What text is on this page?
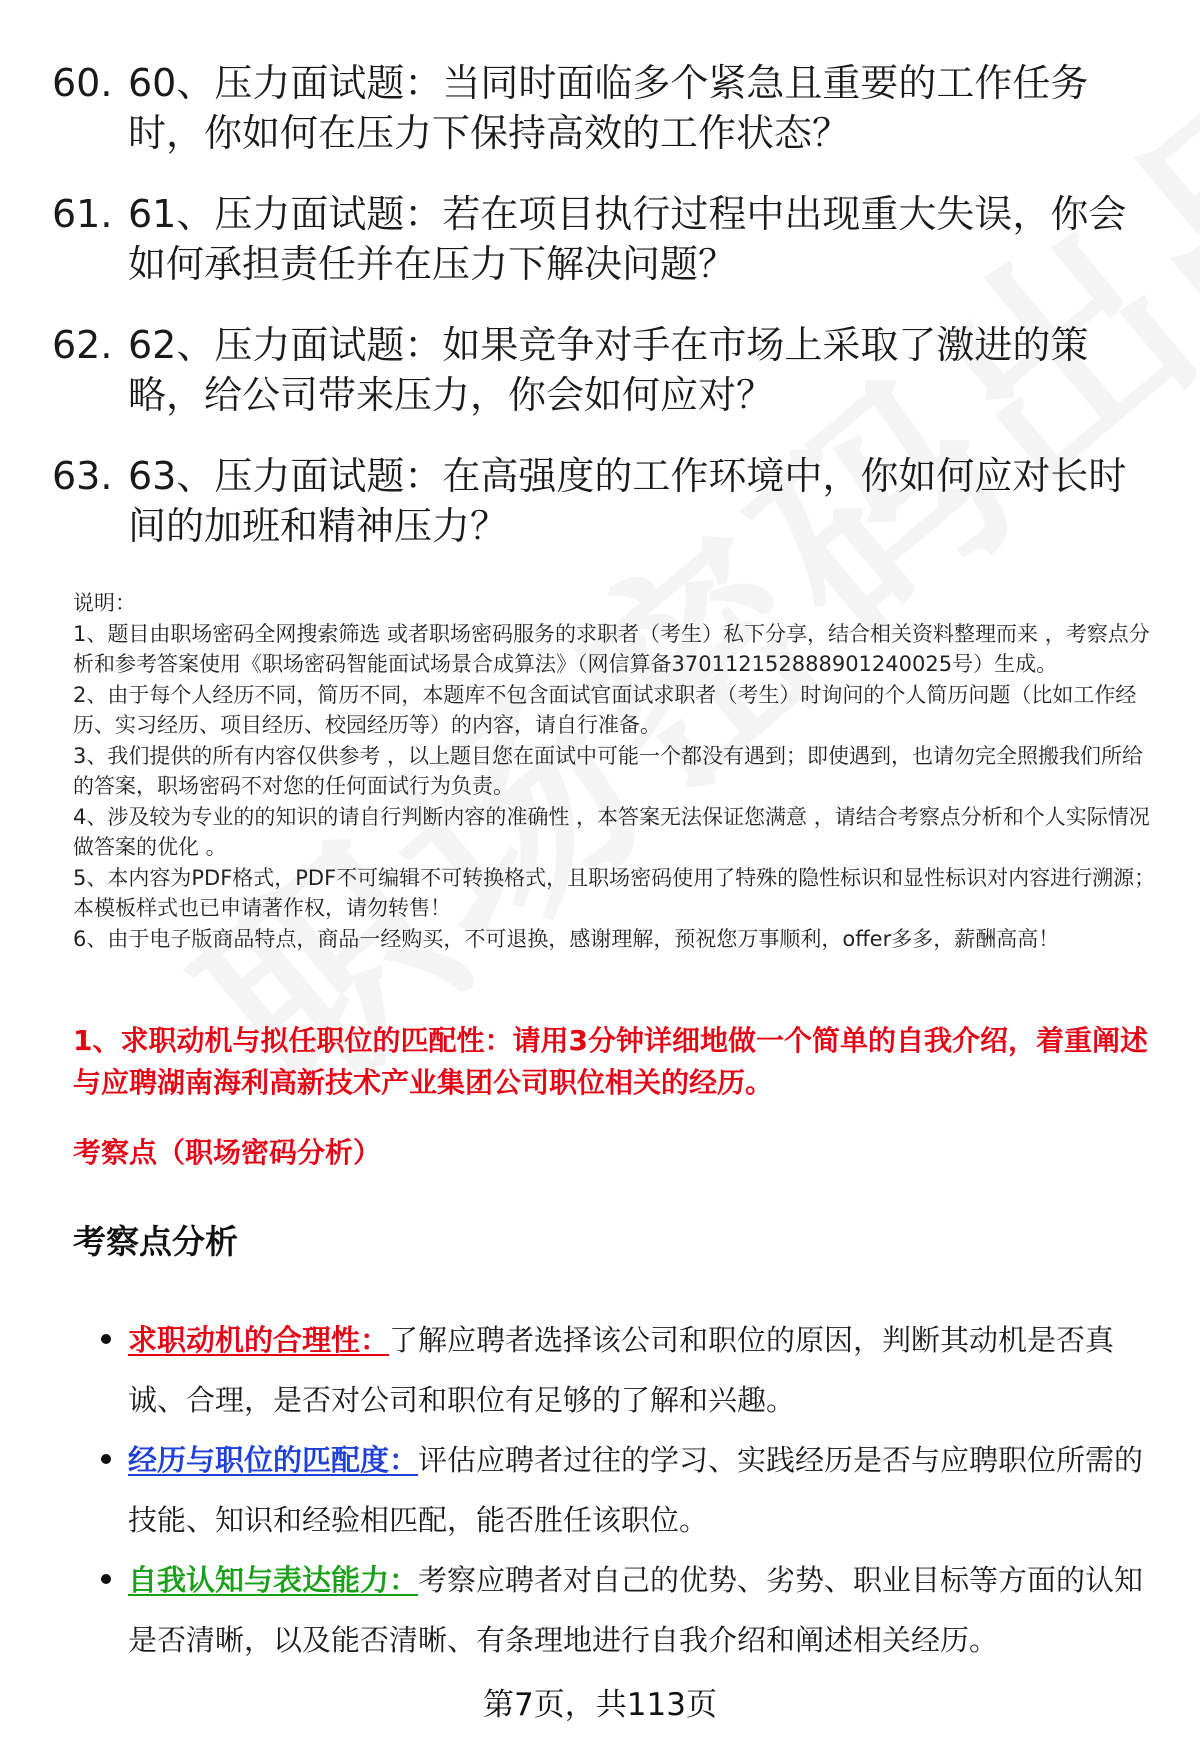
60. 60、压力面试题：当同时面临多个紧急且重要的工作任务时，你如何在压力下保持高效的工作状态？
61. 61、压力面试题：若在项目执行过程中出现重大失误，你会如何承担责任并在压力下解决问题？
62. 62、压力面试题：如果竞争对手在市场上采取了激进的策略，给公司带来压力，你会如何应对？
63. 63、压力面试题：在高强度的工作环境中，你如何应对长时间的加班和精神压力？

说明：

1、题目由职场密码全网搜索筛选 或者职场密码服务的求职者（考生）私下分享，结合相关资料整理而来 ，考察点分析和参考答案使用《职场密码智能面试场景合成算法》（网信算备370112152888901240025号）生成。

2、由于每个人经历不同，简历不同，本题库不包含面试官面试求职者（考生）时询问的个人简历问题（比如工作经历、实习经历、项目经历、校园经历等）的内容，请自行准备。

3、我们提供的所有内容仅供参考 ，以上题目您在面试中可能一个都没有遇到；即使遇到，也请勿完全照搬我们所给的答案，职场密码不对您的任何面试行为负责。

4、涉及较为专业的的知识的请自行判断内容的准确性 ，本答案无法保证您满意 ，请结合考察点分析和个人实际情况做答案的优化 。

5、本内容为PDF格式，PDF不可编辑不可转换格式，且职场密码使用了特殊的隐性标识和显性标识对内容进行溯源；本模板样式也已申请著作权，请勿转售！

6、由于电子版商品特点，商品一经购买，不可退换，感谢理解，预祝您万事顺利，offer多多，薪酬高高！

1、求职动机与拟任职位的匹配性：请用3分钟详细地做一个简单的自我介绍，着重阐述与应聘湖南海利高新技术产业集团公司职位相关的经历。
考察点（职场密码分析）
考察点分析
求职动机的合理性：了解应聘者选择该公司和职位的原因，判断其动机是否真诚、合理，是否对公司和职位有足够的了解和兴趣。
经历与职位的匹配度：评估应聘者过往的学习、实践经历是否与应聘职位所需的技能、知识和经验相匹配，能否胜任该职位。
自我认知与表达能力：考察应聘者对自己的优势、劣势、职业目标等方面的认知是否清晰，以及能否清晰、有条理地进行自我介绍和阐述相关经历。
第7页，共113页
